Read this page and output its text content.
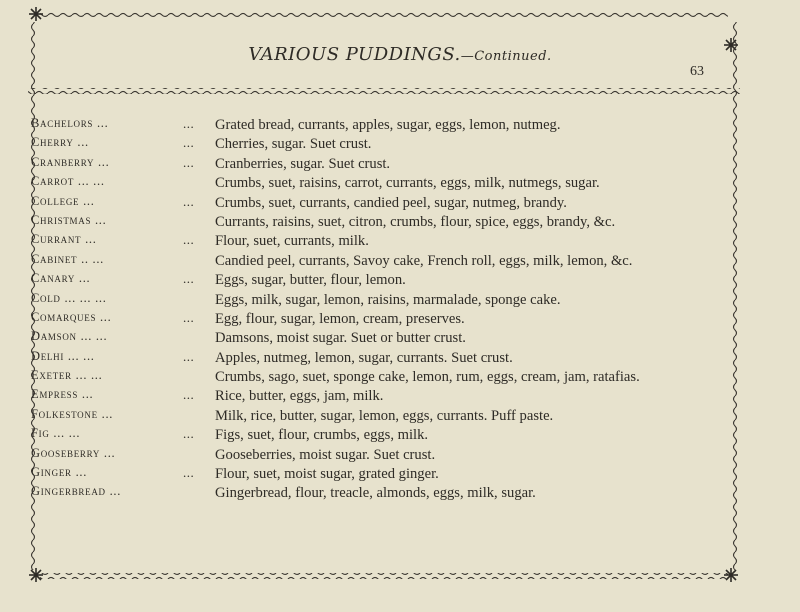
VARIOUS PUDDINGS.—Continued.
63
Bachelors ...	...	Grated bread, currants, apples, sugar, eggs, lemon, nutmeg.
Cherry ...	...	Cherries, sugar. Suet crust.
Cranberry ...	...	Cranberries, sugar. Suet crust.
Carrot ... ...	Crumbs, suet, raisins, carrot, currants, eggs, milk, nutmegs, sugar.
College ...	...	Crumbs, suet, currants, candied peel, sugar, nutmeg, brandy.
Christmas ...	Currants, raisins, suet, citron, crumbs, flour, spice, eggs, brandy, &c.
Currant ...	...	Flour, suet, currants, milk.
Cabinet .. ...	Candied peel, currants, Savoy cake, French roll, eggs, milk, lemon, &c.
Canary ...	...	Eggs, sugar, butter, flour, lemon.
Cold ... ... ...	Eggs, milk, sugar, lemon, raisins, marmalade, sponge cake.
Comarques ...	...	Egg, flour, sugar, lemon, cream, preserves.
Damson ... ...	Damsons, moist sugar. Suet or butter crust.
Delhi ... ...	...	Apples, nutmeg, lemon, sugar, currants. Suet crust.
Exeter ... ...	Crumbs, sago, suet, sponge cake, lemon, rum, eggs, cream, jam, ratafias.
Empress ...	...	Rice, butter, eggs, jam, milk.
Folkestone ...	Milk, rice, butter, sugar, lemon, eggs, currants. Puff paste.
Fig ... ...	...	Figs, suet, flour, crumbs, eggs, milk.
Gooseberry ...	Gooseberries, moist sugar. Suet crust.
Ginger ...	...	Flour, suet, moist sugar, grated ginger.
Gingerbread ...	Gingerbread, flour, treacle, almonds, eggs, milk, sugar.
